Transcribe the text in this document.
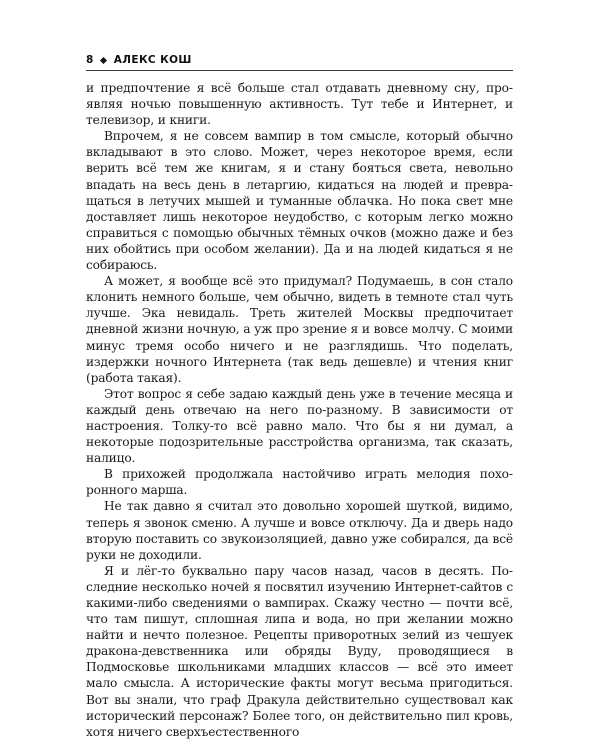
8 АЛЕКС КОШ

и предпочтение я всё больше стал отдавать дневному сну, проявляя ночью повышенную активность. Тут тебе и Интернет, и телевизор, и книги.

Впрочем, я не совсем вампир в том смысле, который обычно вкладывают в это слово. Может, через некоторое время, если верить всё тем же книгам, я и стану бояться света, невольно впадать на весь день в летаргию, кидаться на людей и превращаться в летучих мышей и туманные облачка. Но пока свет мне доставляет лишь некоторое неудобство, с которым легко можно справиться с помощью обычных тёмных очков (можно даже и без них обойтись при особом желании). Да и на людей кидаться я не собираюсь.

А может, я вообще всё это придумал? Подумаешь, в сон стало клонить немного больше, чем обычно, видеть в темноте стал чуть лучше. Эка невидаль. Треть жителей Москвы предпочитает дневной жизни ночную, а уж про зрение я и вовсе молчу. С моими минус тремя особо ничего и не разглядишь. Что поделать, издержки ночного Интернета (так ведь дешевле) и чтения книг (работа такая).

Этот вопрос я себе задаю каждый день уже в течение месяца и каждый день отвечаю на него по-разному. В зависимости от настроения. Толку-то всё равно мало. Что бы я ни думал, а некоторые подозрительные расстройства организма, так сказать, налицо.

В прихожей продолжала настойчиво играть мелодия похоронного марша.

Не так давно я считал это довольно хорошей шуткой, видимо, теперь я звонок сменю. А лучше и вовсе отключу. Да и дверь надо вторую поставить со звукоизоляцией, давно уже собирался, да всё руки не доходили.

Я и лёг-то буквально пару часов назад, часов в десять. Последние несколько ночей я посвятил изучению Интернет-сайтов с какими-либо сведениями о вампирах. Скажу честно — почти всё, что там пишут, сплошная липа и вода, но при желании можно найти и нечто полезное. Рецепты приворотных зелий из чешуек дракона-девственника или обряды Вуду, проводящиеся в Подмосковье школьниками младших классов — всё это имеет мало смысла. А исторические факты могут весьма пригодиться. Вот вы знали, что граф Дракула действительно существовал как исторический персонаж? Более того, он действительно пил кровь, хотя ничего сверхъестественного
